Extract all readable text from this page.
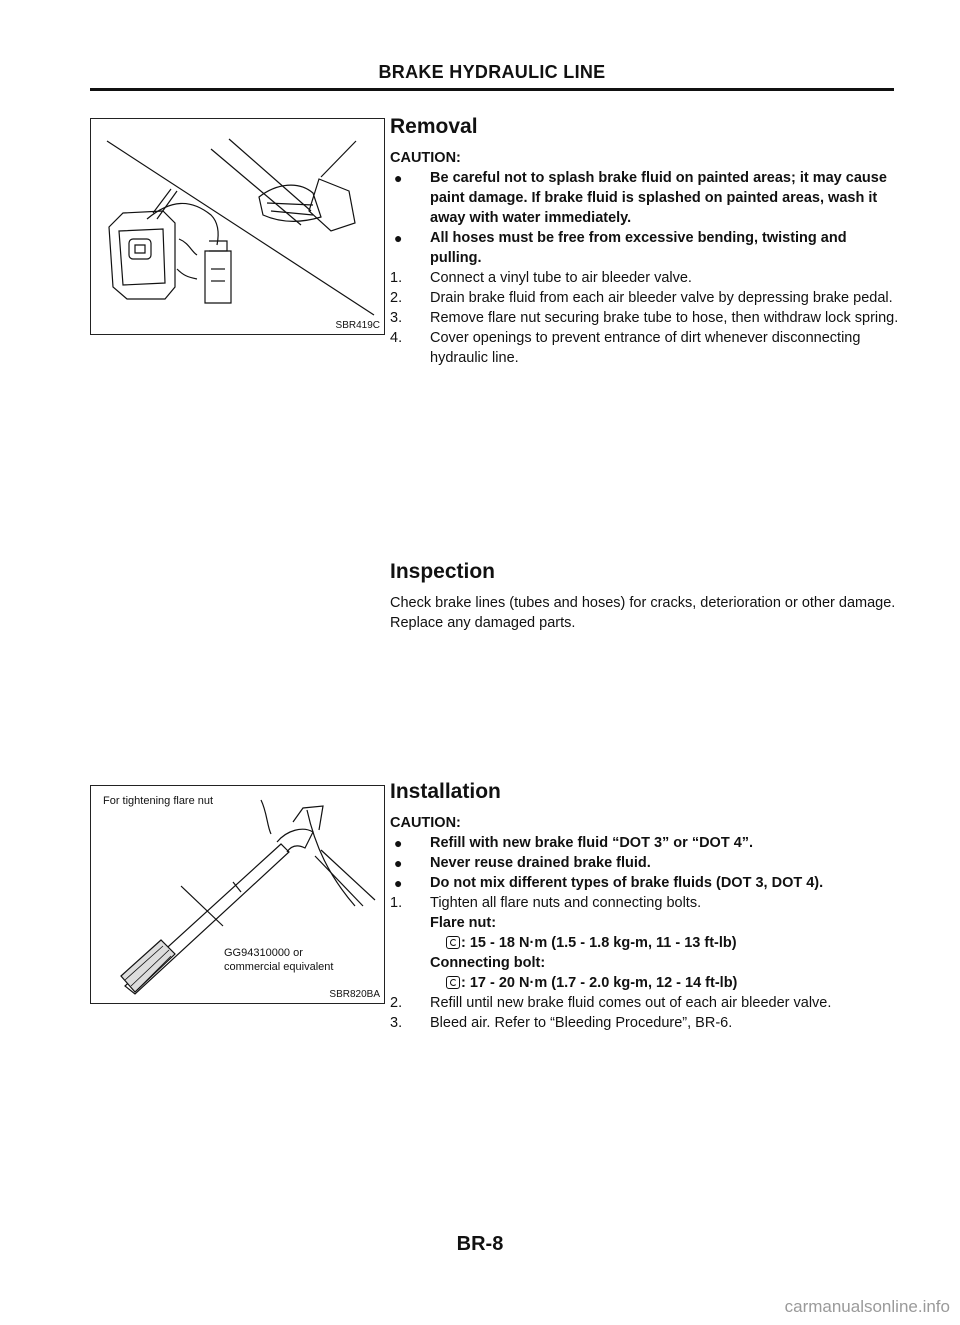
BRAKE HYDRAULIC LINE
SBR419C
For tightening flare nut
GG94310000 or
commercial equivalent
SBR820BA
Removal
CAUTION:
● Be careful not to splash brake fluid on painted areas; it may cause paint damage. If brake fluid is splashed on painted areas, wash it away with water immediately.
● All hoses must be free from excessive bending, twisting and pulling.
1. Connect a vinyl tube to air bleeder valve.
2. Drain brake fluid from each air bleeder valve by depressing brake pedal.
3. Remove flare nut securing brake tube to hose, then withdraw lock spring.
4. Cover openings to prevent entrance of dirt whenever disconnecting hydraulic line.
Inspection
Check brake lines (tubes and hoses) for cracks, deterioration or other damage. Replace any damaged parts.
Installation
CAUTION:
● Refill with new brake fluid “DOT 3” or “DOT 4”.
● Never reuse drained brake fluid.
● Do not mix different types of brake fluids (DOT 3, DOT 4).
1. Tighten all flare nuts and connecting bolts.
Flare nut:
: 15 - 18 N·m (1.5 - 1.8 kg-m, 11 - 13 ft-lb)
Connecting bolt:
: 17 - 20 N·m (1.7 - 2.0 kg-m, 12 - 14 ft-lb)
2. Refill until new brake fluid comes out of each air bleeder valve.
3. Bleed air. Refer to “Bleeding Procedure”, BR-6.
BR-8
carmanualsonline.info
